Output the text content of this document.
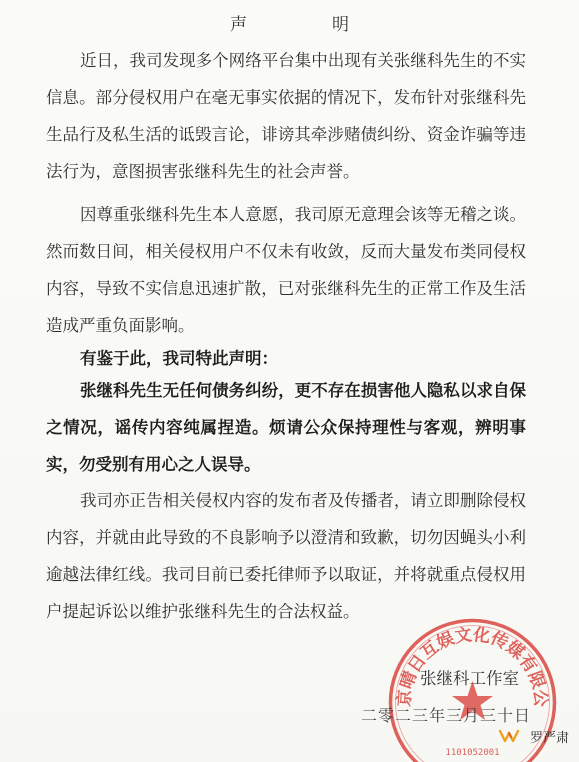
声　明

近日，我司发现多个网络平台集中出现有关张继科先生的不实信息。部分侵权用户在毫无事实依据的情况下，发布针对张继科先生品行及私生活的诋毁言论，诽谤其牵涉赌债纠纷、资金诈骗等违法行为，意图损害张继科先生的社会声誉。

因尊重张继科先生本人意愿，我司原无意理会该等无稽之谈。然而数日间，相关侵权用户不仅未有收敛，反而大量发布类同侵权内容，导致不实信息迅速扩散，已对张继科先生的正常工作及生活造成严重负面影响。

有鉴于此，我司特此声明：

张继科先生无任何债务纠纷，更不存在损害他人隐私以求自保之情况，谣传内容纯属捏造。烦请公众保持理性与客观，辨明事实，勿受别有用心之人误导。

我司亦正告相关侵权内容的发布者及传播者，请立即删除侵权内容，并就由此导致的不良影响予以澄清和致歉，切勿因蝇头小利逾越法律红线。我司目前已委托律师予以取证，并将就重点侵权用户提起诉讼以维护张继科先生的合法权益。

京晴日互娱文化传媒有限公
1101052001
张继科工作室
二零二三年三月三十日
罗严肃
